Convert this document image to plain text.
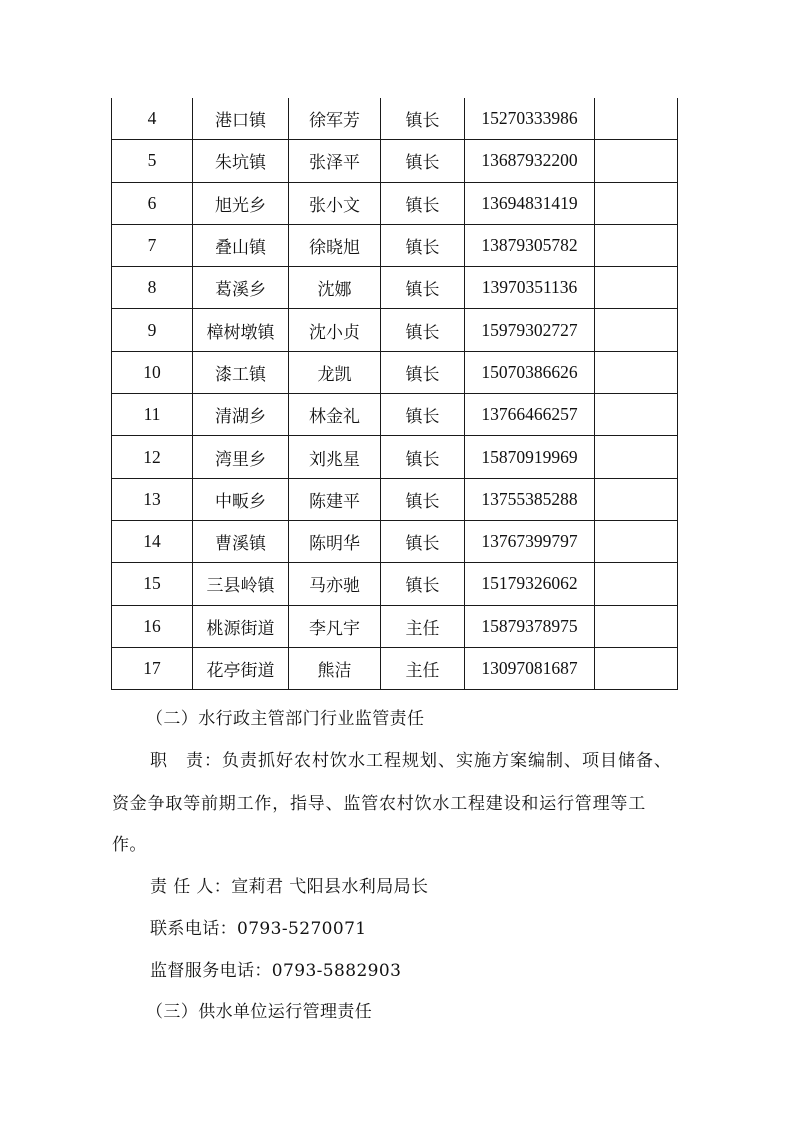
4	港口镇	徐军芳	镇长	15270333986	
5	朱坑镇	张泽平	镇长	13687932200	
6	旭光乡	张小文	镇长	13694831419	
7	叠山镇	徐晓旭	镇长	13879305782	
8	葛溪乡	沈娜	镇长	13970351136	
9	樟树墩镇	沈小贞	镇长	15979302727	
10	漆工镇	龙凯	镇长	15070386626	
11	清湖乡	林金礼	镇长	13766466257	
12	湾里乡	刘兆星	镇长	15870919969	
13	中畈乡	陈建平	镇长	13755385288	
14	曹溪镇	陈明华	镇长	13767399797	
15	三县岭镇	马亦驰	镇长	15179326062	
16	桃源街道	李凡宇	主任	15879378975	
17	花亭街道	熊洁	主任	13097081687	
（二）水行政主管部门行业监管责任
职　责：负责抓好农村饮水工程规划、实施方案编制、项目储备、
资金争取等前期工作，指导、监管农村饮水工程建设和运行管理等工
作。
责 任 人：宣莉君 弋阳县水利局局长
联系电话：0793-5270071
监督服务电话：0793-5882903
（三）供水单位运行管理责任
